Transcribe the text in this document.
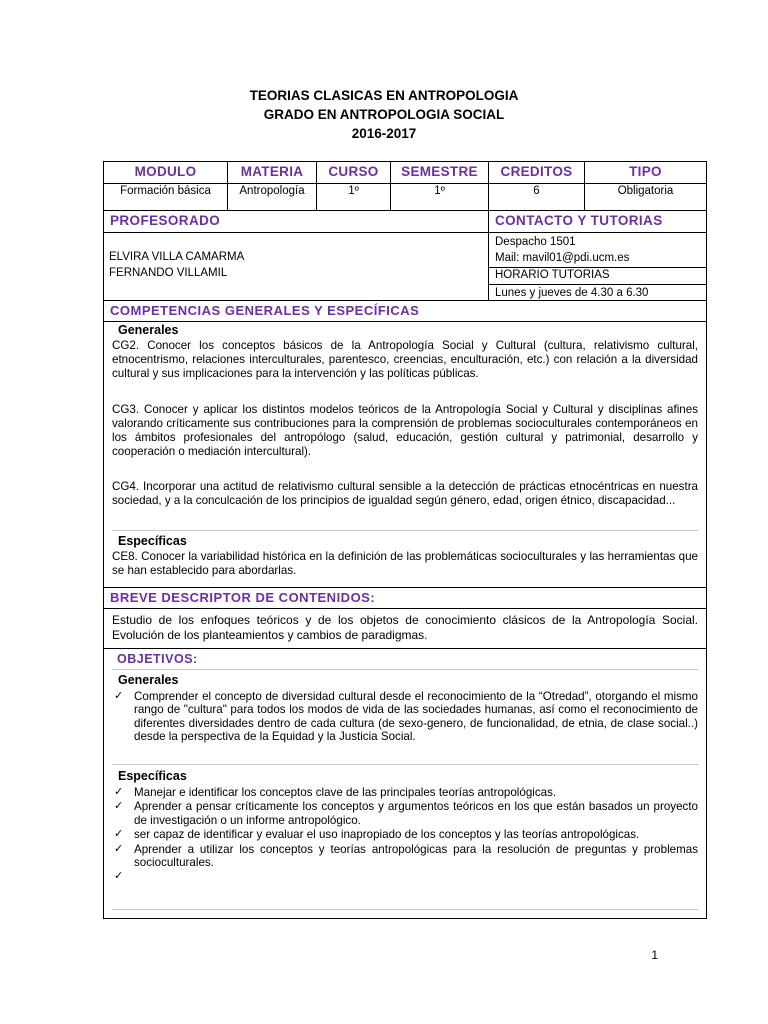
TEORIAS CLASICAS EN ANTROPOLOGIA
GRADO EN ANTROPOLOGIA SOCIAL
2016-2017
MODULO	MATERIA	CURSO	SEMESTRE	CREDITOS	TIPO
Formación básica	Antropología	1º	1º	6	Obligatoria
PROFESORADO	CONTACTO Y TUTORIAS
ELVIRA VILLA CAMARMA
FERNANDO VILLAMIL
Despacho 1501
Mail: mavil01@pdi.ucm.es
HORARIO TUTORIAS
Lunes y jueves de 4.30 a 6.30
COMPETENCIAS GENERALES Y ESPECÍFICAS
Generales
CG2. Conocer los conceptos básicos de la Antropología Social y Cultural (cultura, relativismo cultural, etnocentrismo, relaciones interculturales, parentesco, creencias, enculturación, etc.) con relación a la diversidad cultural y sus implicaciones para la intervención y las políticas públicas.
CG3. Conocer y aplicar los distintos modelos teóricos de la Antropología Social y Cultural y disciplinas afines valorando críticamente sus contribuciones para la comprensión de problemas socioculturales contemporáneos en los ámbitos profesionales del antropólogo (salud, educación, gestión cultural y patrimonial, desarrollo y cooperación o mediación intercultural).
CG4. Incorporar una actitud de relativismo cultural sensible a la detección de prácticas etnocéntricas en nuestra sociedad, y a la conculcación de los principios de igualdad según género, edad, origen étnico, discapacidad...
Específicas
CE8. Conocer la variabilidad histórica en la definición de las problemáticas socioculturales y las herramientas que se han establecido para abordarlas.
BREVE DESCRIPTOR DE CONTENIDOS:
Estudio de los enfoques teóricos y de los objetos de conocimiento clásicos de la Antropología Social. Evolución de los planteamientos y cambios de paradigmas.
OBJETIVOS:
Generales
✓ Comprender el concepto de diversidad cultural desde el reconocimiento de la “Otredad”, otorgando el mismo rango de "cultura" para todos los modos de vida de las sociedades humanas, así como el reconocimiento de diferentes diversidades dentro de cada cultura (de sexo-genero, de funcionalidad, de etnia, de clase social..) desde la perspectiva de la Equidad y la Justicia Social.
Específicas
✓ Manejar e identificar los conceptos clave de las principales teorías antropológicas.
✓ Aprender a pensar críticamente los conceptos y argumentos teóricos en los que están basados un proyecto de investigación o un informe antropológico.
✓ ser capaz de identificar y evaluar el uso inapropiado de los conceptos y las teorías antropológicas.
✓ Aprender a utilizar los conceptos y teorías antropológicas para la resolución de preguntas y problemas socioculturales.
✓
1
